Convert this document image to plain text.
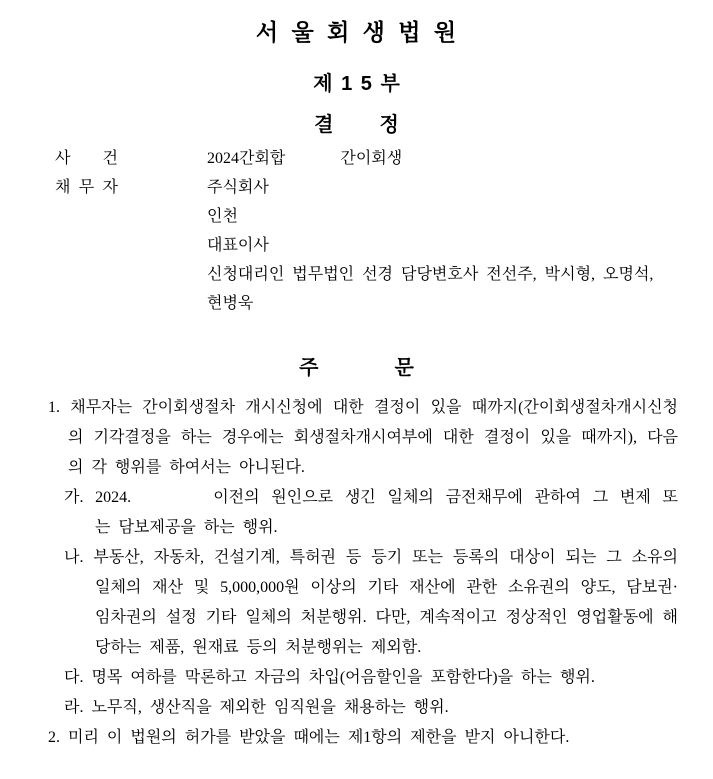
서 울 회 생 법 원
제 1 5 부
결 정
사 건	2024간회합	간이회생
채 무 자	주식회사
인천
대표이사
신청대리인 법무법인 선경 담당변호사 전선주, 박시형, 오명석,
현병욱
주	문
1. 채무자는 간이회생절차 개시신청에 대한 결정이 있을 때까지(간이회생절차개시신청
의 기각결정을 하는 경우에는 회생절차개시여부에 대한 결정이 있을 때까지), 다음
의 각 행위를 하여서는 아니된다.
가. 2024.	이전의 원인으로 생긴 일체의 금전채무에 관하여 그 변제 또
는 담보제공을 하는 행위.
나. 부동산, 자동차, 건설기계, 특허권 등 등기 또는 등록의 대상이 되는 그 소유의
일체의 재산 및 5,000,000원 이상의 기타 재산에 관한 소유권의 양도, 담보권·
임차권의 설정 기타 일체의 처분행위. 다만, 계속적이고 정상적인 영업활동에 해
당하는 제품, 원재료 등의 처분행위는 제외함.
다. 명목 여하를 막론하고 자금의 차입(어음할인을 포함한다)을 하는 행위.
라. 노무직, 생산직을 제외한 임직원을 채용하는 행위.
2. 미리 이 법원의 허가를 받았을 때에는 제1항의 제한을 받지 아니한다.
